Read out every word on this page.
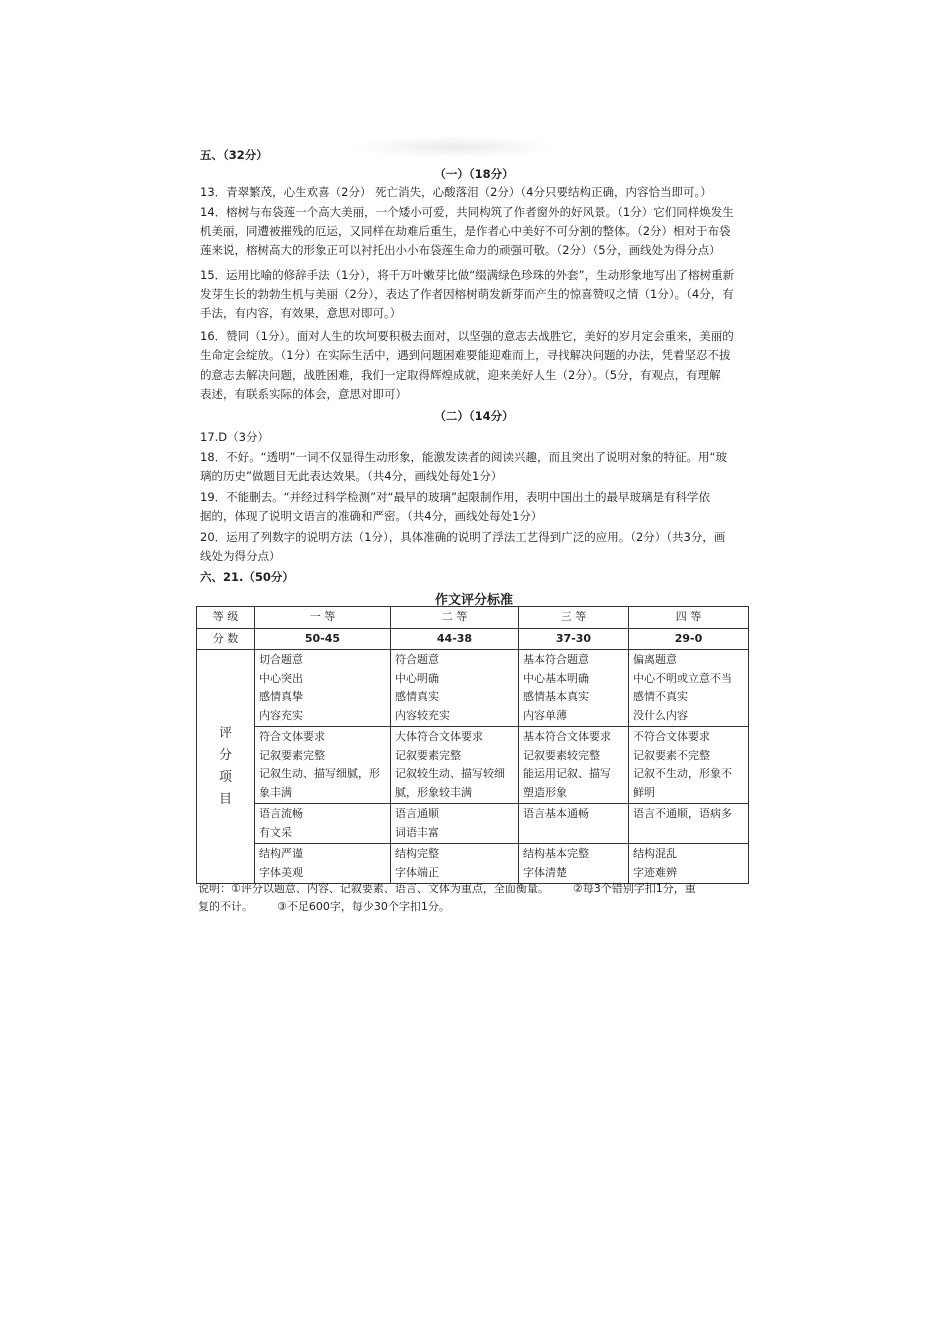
五、（32分）
（一）（18分）
13．青翠繁茂，心生欢喜（2分） 死亡消失，心酸落泪（2分）（4分只要结构正确，内容恰当即可。）
14．榕树与布袋莲一个高大美丽，一个矮小可爱，共同构筑了作者窗外的好风景。（1分）它们同样焕发生
机美丽，同遭被摧残的厄运，又同样在劫难后重生，是作者心中美好不可分割的整体。（2分）相对于布袋
莲来说，榕树高大的形象正可以衬托出小小布袋莲生命力的顽强可敬。（2分）（5分，画线处为得分点）
15．运用比喻的修辞手法（1分），将千万叶嫩芽比做“缀满绿色珍珠的外套”，生动形象地写出了榕树重新
发芽生长的勃勃生机与美丽（2分），表达了作者因榕树萌发新芽而产生的惊喜赞叹之情（1分）。（4分，有
手法，有内容，有效果，意思对即可。）
16．赞同（1分）。面对人生的坎坷要积极去面对，以坚强的意志去战胜它，美好的岁月定会重来，美丽的
生命定会绽放。（1分）在实际生活中，遇到问题困难要能迎难而上，寻找解决问题的办法，凭着坚忍不拔
的意志去解决问题，战胜困难，我们一定取得辉煌成就，迎来美好人生（2分）。（5分，有观点，有理解
表述，有联系实际的体会，意思对即可）
（二）（14分）
17.D（3分）
18．不好。“透明”一词不仅显得生动形象，能激发读者的阅读兴趣，而且突出了说明对象的特征。用“玻
璃的历史”做题目无此表达效果。（共4分，画线处每处1分）
19．不能删去。“并经过科学检测”对“最早的玻璃”起限制作用，表明中国出土的最早玻璃是有科学依
据的，体现了说明文语言的准确和严密。（共4分，画线处每处1分）
20．运用了列数字的说明方法（1分），具体准确的说明了浮法工艺得到广泛的应用。（2分）（共3分，画
线处为得分点）
六、21.（50分）
作文评分标准
等 级	一 等	二 等	三 等	四 等
分 数	50-45	44-38	37-30	29-0

评
分
项
目	切合题意
中心突出
感情真挚
内容充实	符合题意
中心明确
感情真实
内容较充实	基本符合题意
中心基本明确
感情基本真实
内容单薄	偏离题意
中心不明或立意不当
感情不真实
没什么内容

	符合文体要求
记叙要素完整
记叙生动、描写细腻，形
象丰满	大体符合文体要求
记叙要素完整
记叙较生动、描写较细
腻，形象较丰满	基本符合文体要求
记叙要素较完整
能运用记叙、描写
塑造形象	不符合文体要求
记叙要素不完整
记叙不生动，形象不
鲜明

	语言流畅
有文采	语言通顺
词语丰富	语言基本通畅	语言不通顺，语病多

	结构严谨
字体美观	结构完整
字体端正	结构基本完整
字体清楚	结构混乱
字迹难辨
说明：①评分以题意、内容、记叙要素、语言、文体为重点，全面衡量。 ②每3个错别字扣1分，重
复的不计。 ③不足600字，每少30个字扣1分。
